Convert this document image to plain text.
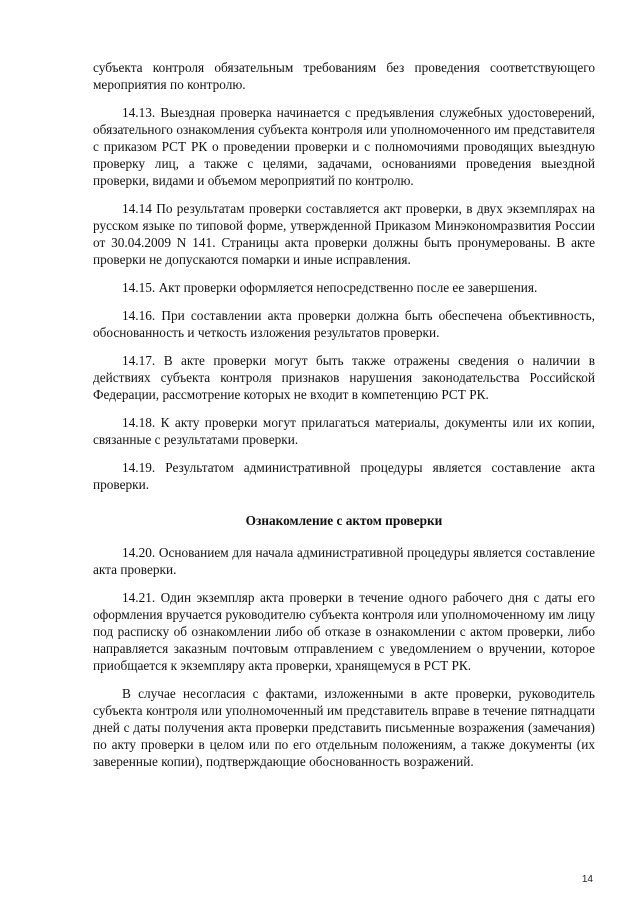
субъекта контроля обязательным требованиям без проведения соответствующего мероприятия по контролю.

14.13. Выездная проверка начинается с предъявления служебных удостоверений, обязательного ознакомления субъекта контроля или уполномоченного им представителя с приказом РСТ РК о проведении проверки и с полномочиями проводящих выездную проверку лиц, а также с целями, задачами, основаниями проведения выездной проверки, видами и объемом мероприятий по контролю.

14.14 По результатам проверки составляется акт проверки, в двух экземплярах на русском языке по типовой форме, утвержденной Приказом Минэкономразвития России от 30.04.2009 N 141. Страницы акта проверки должны быть пронумерованы. В акте проверки не допускаются помарки и иные исправления.

14.15. Акт проверки оформляется непосредственно после ее завершения.

14.16. При составлении акта проверки должна быть обеспечена объективность, обоснованность и четкость изложения результатов проверки.

14.17. В акте проверки могут быть также отражены сведения о наличии в действиях субъекта контроля признаков нарушения законодательства Российской Федерации, рассмотрение которых не входит в компетенцию РСТ РК.

14.18. К акту проверки могут прилагаться материалы, документы или их копии, связанные с результатами проверки.

14.19. Результатом административной процедуры является составление акта проверки.

Ознакомление с актом проверки

14.20. Основанием для начала административной процедуры является составление акта проверки.

14.21. Один экземпляр акта проверки в течение одного рабочего дня с даты его оформления вручается руководителю субъекта контроля или уполномоченному им лицу под расписку об ознакомлении либо об отказе в ознакомлении с актом проверки, либо направляется заказным почтовым отправлением с уведомлением о вручении, которое приобщается к экземпляру акта проверки, хранящемуся в РСТ РК.

В случае несогласия с фактами, изложенными в акте проверки, руководитель субъекта контроля или уполномоченный им представитель вправе в течение пятнадцати дней с даты получения акта проверки представить письменные возражения (замечания) по акту проверки в целом или по его отдельным положениям, а также документы (их заверенные копии), подтверждающие обоснованность возражений.

14
